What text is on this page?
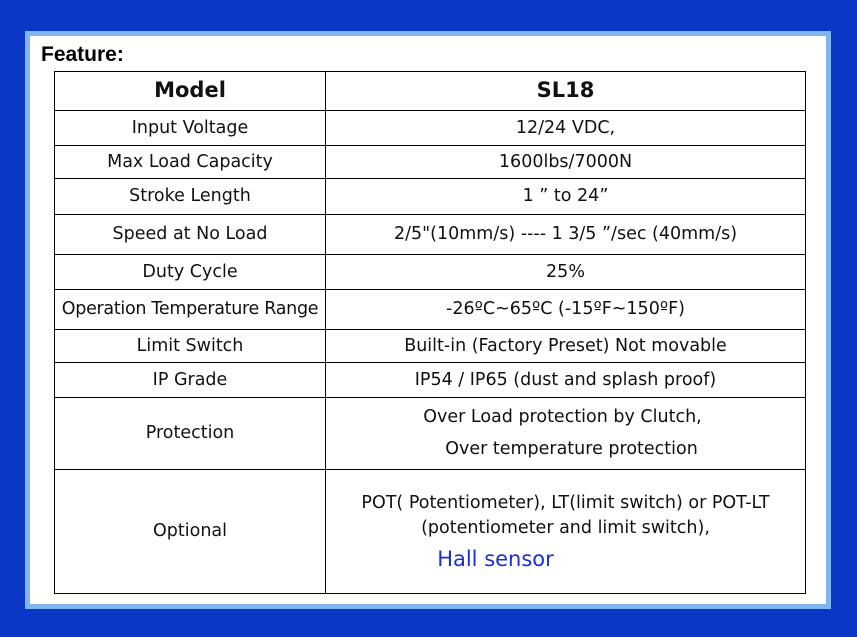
Feature:
Model	SL18
Input Voltage	12/24 VDC,
Max Load Capacity	1600lbs/7000N
Stroke Length	1 ” to 24”
Speed at No Load	2/5"(10mm/s) ---- 1 3/5 ”/sec (40mm/s)
Duty Cycle	25%
Operation Temperature Range	-26ºC~65ºC (-15ºF~150ºF)
Limit Switch	Built-in (Factory Preset) Not movable
IP Grade	IP54 / IP65 (dust and splash proof)
Protection	Over Load protection by Clutch,
Over temperature protection

Optional	POT( Potentiometer), LT(limit switch) or POT-LT
(potentiometer and limit switch),
Hall sensor
